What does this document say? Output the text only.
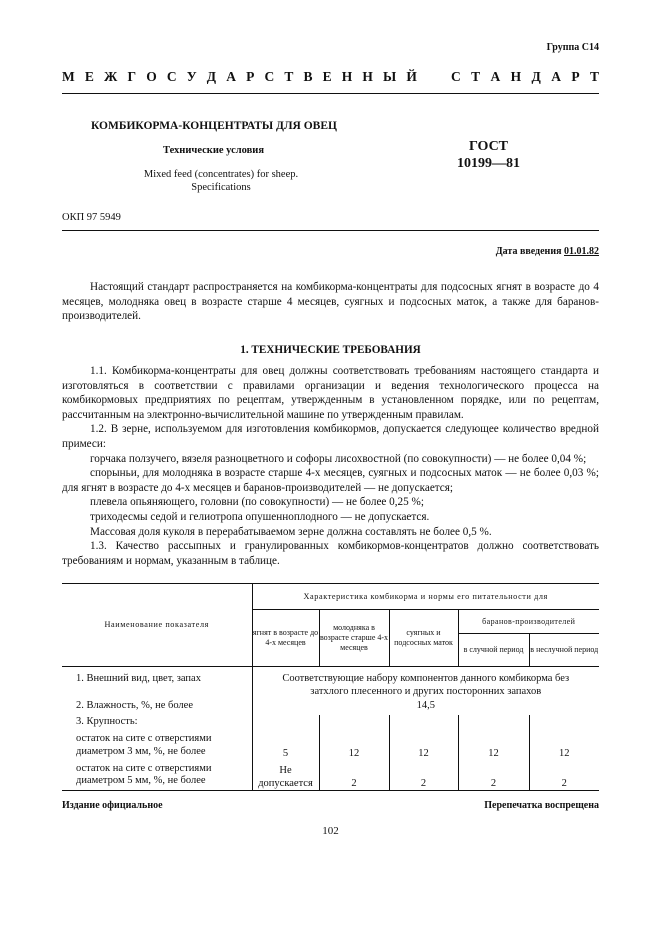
Группа С14
М Е Ж Г О С У Д А Р С Т В Е Н Н Ы Й	С Т А Н Д А Р Т
КОМБИКОРМА-КОНЦЕНТРАТЫ ДЛЯ ОВЕЦ
Технические условия
Mixed feed (concentrates) for sheep.
Specifications
ГОСТ
10199—81
ОКП 97 5949
Дата введения 01.01.82

Настоящий стандарт распространяется на комбикорма-концентраты для подсосных ягнят в возрасте до 4 месяцев, молодняка овец в возрасте старше 4 месяцев, суягных и подсосных маток, а также для баранов-производителей.

1. ТЕХНИЧЕСКИЕ ТРЕБОВАНИЯ

1.1. Комбикорма-концентраты для овец должны соответствовать требованиям настоящего стандарта и изготовляться в соответствии с правилами организации и ведения технологического процесса на комбикормовых предприятиях по рецептам, утвержденным в установленном порядке, или по рецептам, рассчитанным на электронно-вычислительной машине по утвержденным правилам.

1.2. В зерне, используемом для изготовления комбикормов, допускается следующее количество вредной примеси:

горчака ползучего, вязеля разноцветного и софоры лисохвостной (по совокупности) — не более 0,04 %;

спорыньи, для молодняка в возрасте старше 4-х месяцев, суягных и подсосных маток — не более 0,03 %; для ягнят в возрасте до 4-х месяцев и баранов-производителей — не допускается;

плевела опьяняющего, головни (по совокупности) — не более 0,25 %;

триходесмы седой и гелиотропа опушенноплодного — не допускается.

Массовая доля куколя в перерабатываемом зерне должна составлять не более 0,5 %.

1.3. Качество рассыпных и гранулированных комбикормов-концентратов должно соответствовать требованиям и нормам, указанным в таблице.

Наименование показателя	Характеристика комбикорма и нормы его питательности для				
	ягнят в возрасте до 4-х месяцев	молодняка в возрасте старше 4-х месяцев	суягных и подсосных маток	баранов-производителей	
				в случной период	в неслучной период
1. Внешний вид, цвет, запах	Соответствующие набору компонентов данного комбикорма без затхлого плесенного и других посторонних запахов				
2. Влажность, %, не более	14,5				
3. Крупность:					
остаток на сите с отверстиями диаметром 3 мм, %, не более	5	12	12	12	12
остаток на сите с отверстиями диаметром 5 мм, %, не более	Не допускается	2	2	2	2
Издание официальное	Перепечатка воспрещена
102
